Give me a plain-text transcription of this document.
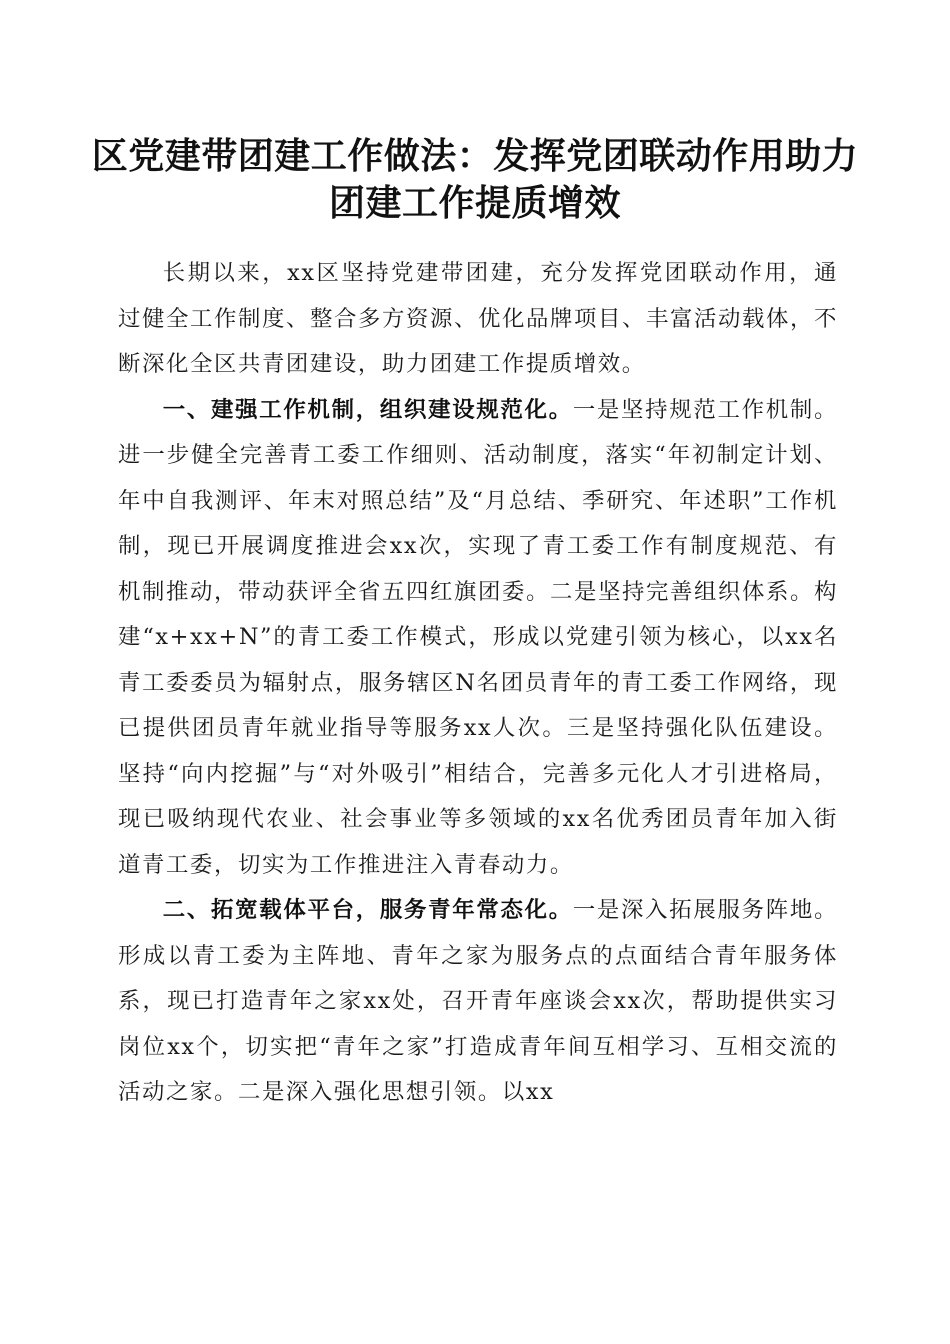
区党建带团建工作做法：发挥党团联动作用助力团建工作提质增效

长期以来，xx区坚持党建带团建，充分发挥党团联动作用，通过健全工作制度、整合多方资源、优化品牌项目、丰富活动载体，不断深化全区共青团建设，助力团建工作提质增效。

一、建强工作机制，组织建设规范化。一是坚持规范工作机制。进一步健全完善青工委工作细则、活动制度，落实“年初制定计划、年中自我测评、年末对照总结”及“月总结、季研究、年述职”工作机制，现已开展调度推进会xx次，实现了青工委工作有制度规范、有机制推动，带动获评全省五四红旗团委。二是坚持完善组织体系。构建“x+xx+N”的青工委工作模式，形成以党建引领为核心，以xx名青工委委员为辐射点，服务辖区N名团员青年的青工委工作网络，现已提供团员青年就业指导等服务xx人次。三是坚持强化队伍建设。坚持“向内挖掘”与“对外吸引”相结合，完善多元化人才引进格局，现已吸纳现代农业、社会事业等多领域的xx名优秀团员青年加入街道青工委，切实为工作推进注入青春动力。

二、拓宽载体平台，服务青年常态化。一是深入拓展服务阵地。形成以青工委为主阵地、青年之家为服务点的点面结合青年服务体系，现已打造青年之家xx处，召开青年座谈会xx次，帮助提供实习岗位xx个，切实把“青年之家”打造成青年间互相学习、互相交流的活动之家。二是深入强化思想引领。以xx
